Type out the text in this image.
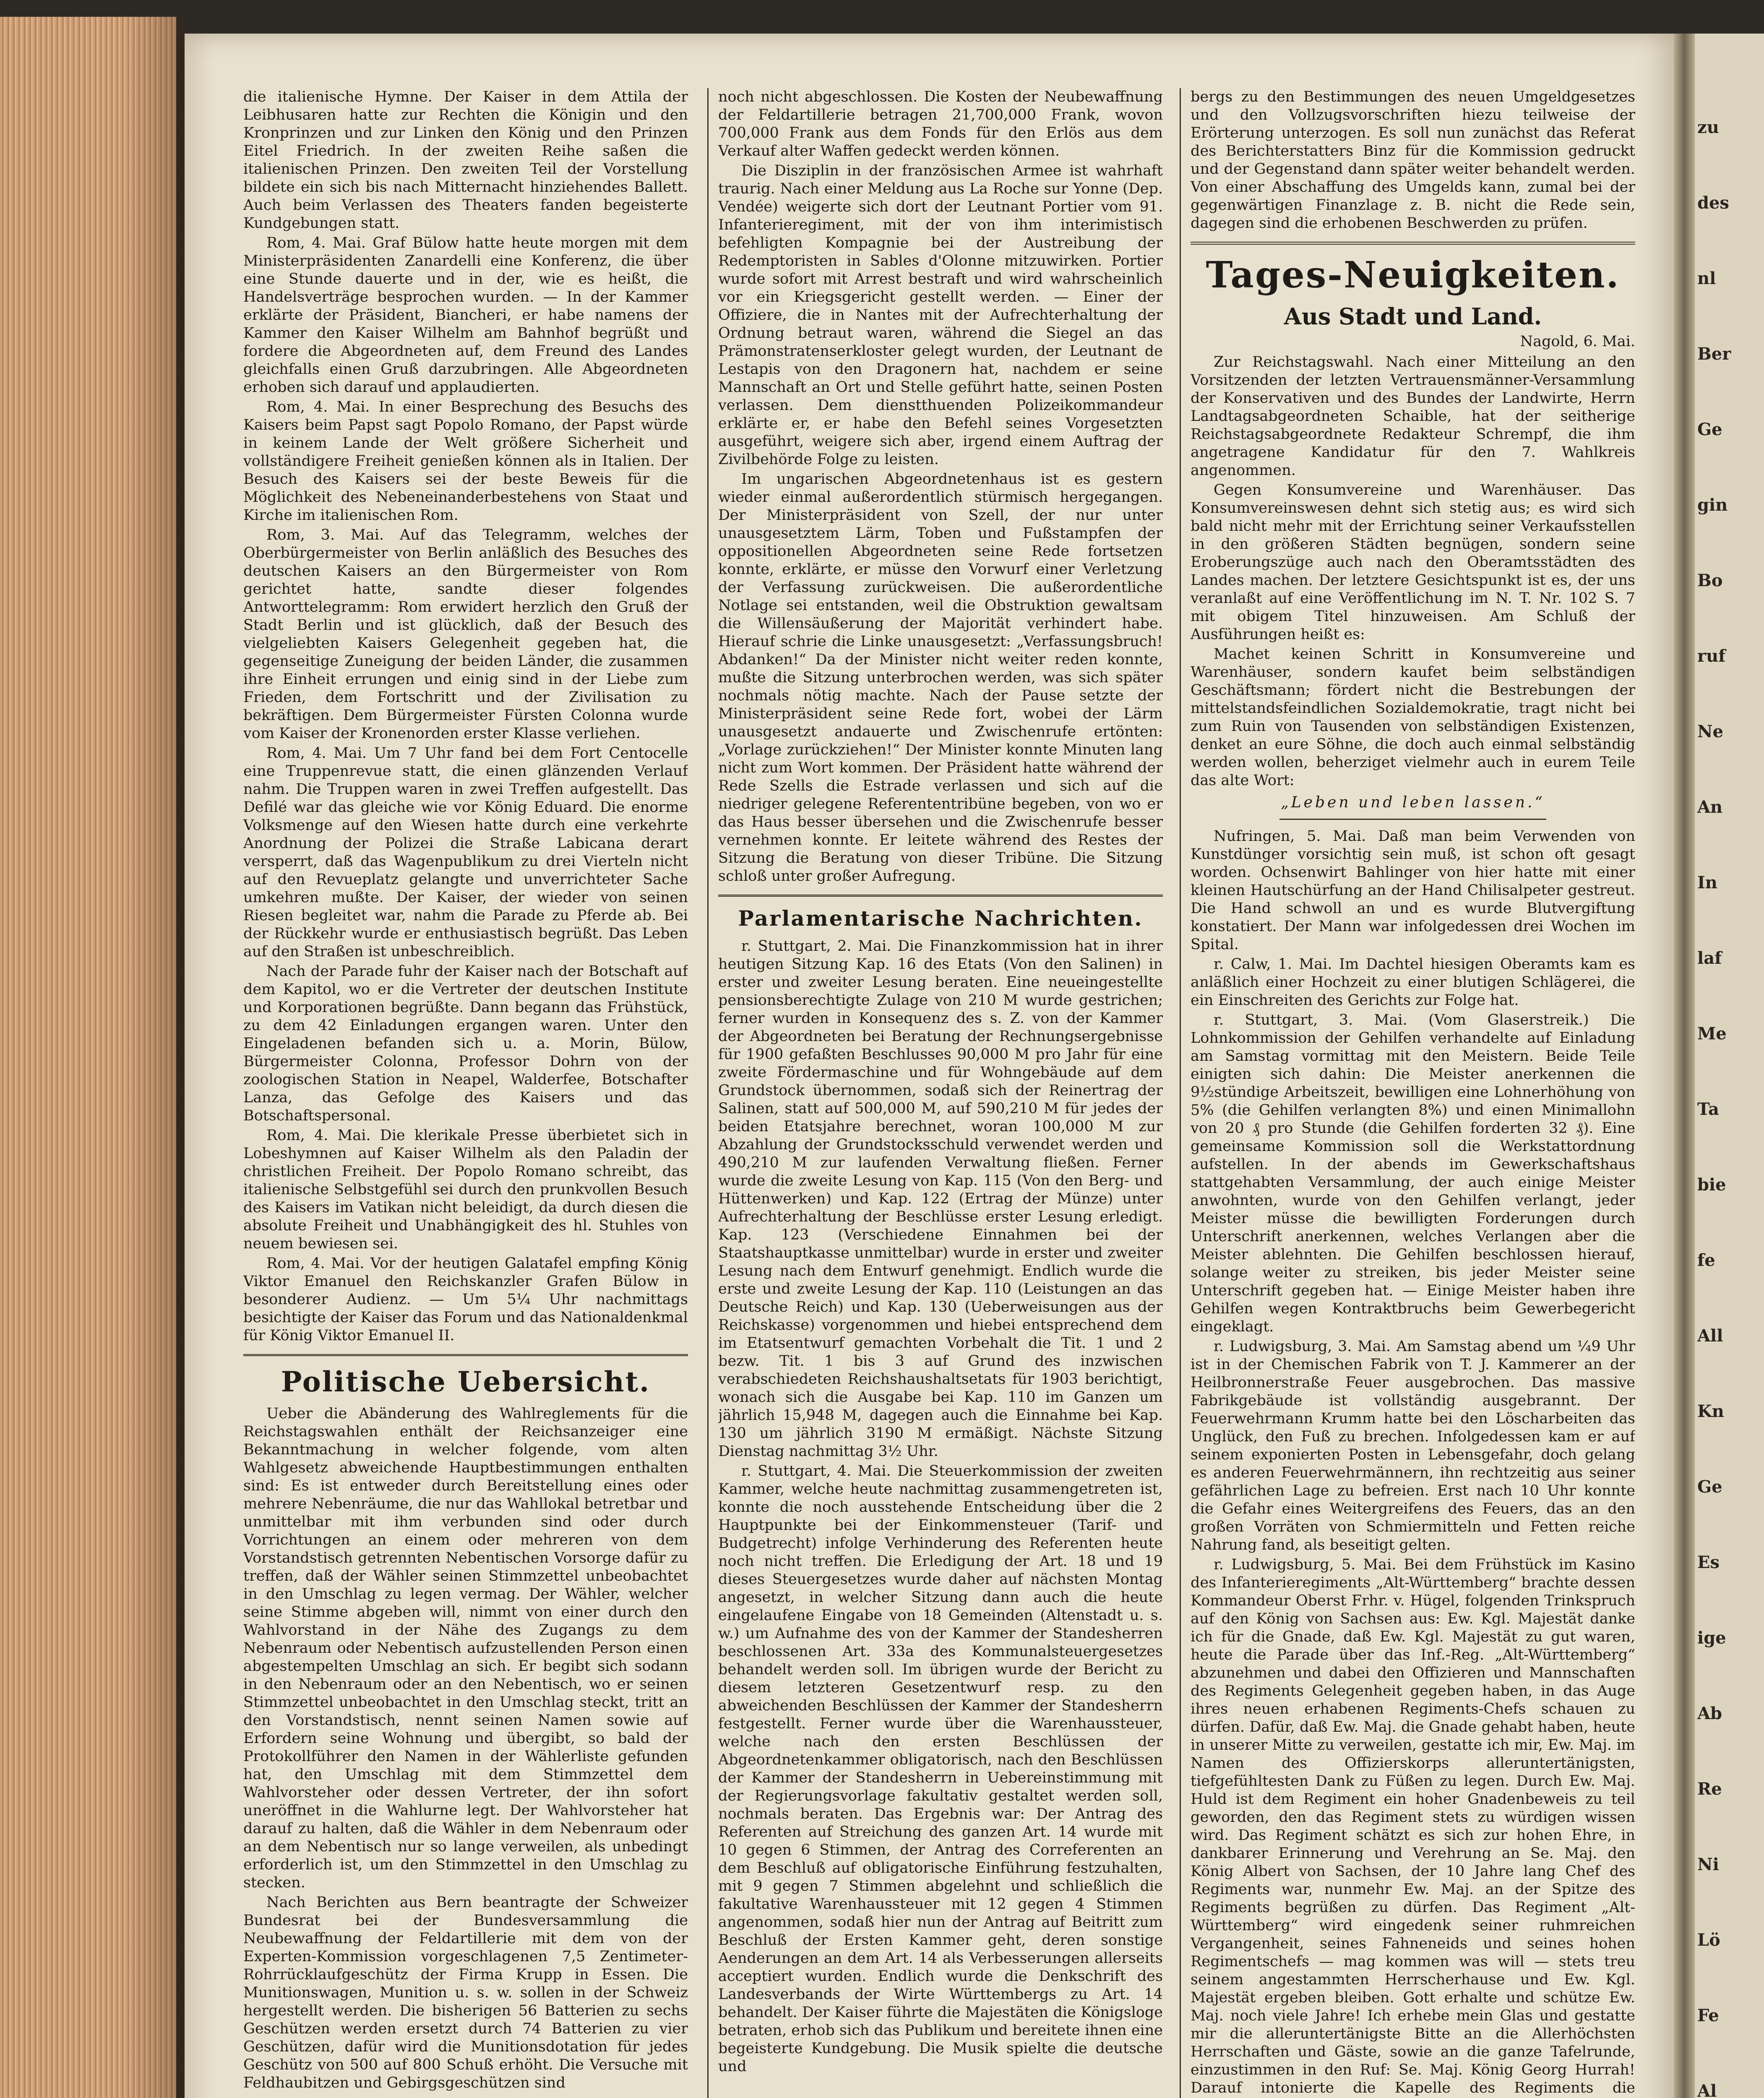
die italienische Hymne. Der Kaiser in dem Attila der Leibhusaren hatte zur Rechten die Königin und den Kronprinzen und zur Linken den König und den Prinzen Eitel Friedrich. In der zweiten Reihe saßen die italienischen Prinzen. Den zweiten Teil der Vorstellung bildete ein sich bis nach Mitternacht hinziehendes Ballett. Auch beim Verlassen des Theaters fanden begeisterte Kundgebungen statt.

Rom, 4. Mai. Graf Bülow hatte heute morgen mit dem Ministerpräsidenten Zanardelli eine Konferenz, die über eine Stunde dauerte und in der, wie es heißt, die Handelsverträge besprochen wurden. — In der Kammer erklärte der Präsident, Biancheri, er habe namens der Kammer den Kaiser Wilhelm am Bahnhof begrüßt und fordere die Abgeordneten auf, dem Freund des Landes gleichfalls einen Gruß darzubringen. Alle Abgeordneten erhoben sich darauf und applaudierten.

Rom, 4. Mai. In einer Besprechung des Besuchs des Kaisers beim Papst sagt Popolo Romano, der Papst würde in keinem Lande der Welt größere Sicherheit und vollständigere Freiheit genießen können als in Italien. Der Besuch des Kaisers sei der beste Beweis für die Möglichkeit des Nebeneinanderbestehens von Staat und Kirche im italienischen Rom.

Rom, 3. Mai. Auf das Telegramm, welches der Oberbürgermeister von Berlin anläßlich des Besuches des deutschen Kaisers an den Bürgermeister von Rom gerichtet hatte, sandte dieser folgendes Antworttelegramm: Rom erwidert herzlich den Gruß der Stadt Berlin und ist glücklich, daß der Besuch des vielgeliebten Kaisers Gelegenheit gegeben hat, die gegenseitige Zuneigung der beiden Länder, die zusammen ihre Einheit errungen und einig sind in der Liebe zum Frieden, dem Fortschritt und der Zivilisation zu bekräftigen. Dem Bürgermeister Fürsten Colonna wurde vom Kaiser der Kronenorden erster Klasse verliehen.

Rom, 4. Mai. Um 7 Uhr fand bei dem Fort Centocelle eine Truppenrevue statt, die einen glänzenden Verlauf nahm. Die Truppen waren in zwei Treffen aufgestellt. Das Defilé war das gleiche wie vor König Eduard. Die enorme Volksmenge auf den Wiesen hatte durch eine verkehrte Anordnung der Polizei die Straße Labicana derart versperrt, daß das Wagenpublikum zu drei Vierteln nicht auf den Revueplatz gelangte und unverrichteter Sache umkehren mußte. Der Kaiser, der wieder von seinen Riesen begleitet war, nahm die Parade zu Pferde ab. Bei der Rückkehr wurde er enthusiastisch begrüßt. Das Leben auf den Straßen ist unbeschreiblich.

Nach der Parade fuhr der Kaiser nach der Botschaft auf dem Kapitol, wo er die Vertreter der deutschen Institute und Korporationen begrüßte. Dann begann das Frühstück, zu dem 42 Einladungen ergangen waren. Unter den Eingeladenen befanden sich u. a. Morin, Bülow, Bürgermeister Colonna, Professor Dohrn von der zoologischen Station in Neapel, Walderfee, Botschafter Lanza, das Gefolge des Kaisers und das Botschaftspersonal.

Rom, 4. Mai. Die klerikale Presse überbietet sich in Lobeshymnen auf Kaiser Wilhelm als den Paladin der christlichen Freiheit. Der Popolo Romano schreibt, das italienische Selbstgefühl sei durch den prunkvollen Besuch des Kaisers im Vatikan nicht beleidigt, da durch diesen die absolute Freiheit und Unabhängigkeit des hl. Stuhles von neuem bewiesen sei.

Rom, 4. Mai. Vor der heutigen Galatafel empfing König Viktor Emanuel den Reichskanzler Grafen Bülow in besonderer Audienz. — Um 5¼ Uhr nachmittags besichtigte der Kaiser das Forum und das Nationaldenkmal für König Viktor Emanuel II.

Politische Uebersicht.

Ueber die Abänderung des Wahlreglements für die Reichstagswahlen enthält der Reichsanzeiger eine Bekanntmachung in welcher folgende, vom alten Wahlgesetz abweichende Hauptbestimmungen enthalten sind: Es ist entweder durch Bereitstellung eines oder mehrere Nebenräume, die nur das Wahllokal betretbar und unmittelbar mit ihm verbunden sind oder durch Vorrichtungen an einem oder mehreren von dem Vorstandstisch getrennten Nebentischen Vorsorge dafür zu treffen, daß der Wähler seinen Stimmzettel unbeobachtet in den Umschlag zu legen vermag. Der Wähler, welcher seine Stimme abgeben will, nimmt von einer durch den Wahlvorstand in der Nähe des Zugangs zu dem Nebenraum oder Nebentisch aufzustellenden Person einen abgestempelten Umschlag an sich. Er begibt sich sodann in den Nebenraum oder an den Nebentisch, wo er seinen Stimmzettel unbeobachtet in den Umschlag steckt, tritt an den Vorstandstisch, nennt seinen Namen sowie auf Erfordern seine Wohnung und übergibt, so bald der Protokollführer den Namen in der Wählerliste gefunden hat, den Umschlag mit dem Stimmzettel dem Wahlvorsteher oder dessen Vertreter, der ihn sofort uneröffnet in die Wahlurne legt. Der Wahlvorsteher hat darauf zu halten, daß die Wähler in dem Nebenraum oder an dem Nebentisch nur so lange verweilen, als unbedingt erforderlich ist, um den Stimmzettel in den Umschlag zu stecken.

Nach Berichten aus Bern beantragte der Schweizer Bundesrat bei der Bundesversammlung die Neubewaffnung der Feldartillerie mit dem von der Experten-Kommission vorgeschlagenen 7,5 Zentimeter-Rohrrücklaufgeschütz der Firma Krupp in Essen. Die Munitionswagen, Munition u. s. w. sollen in der Schweiz hergestellt werden. Die bisherigen 56 Batterien zu sechs Geschützen werden ersetzt durch 74 Batterien zu vier Geschützen, dafür wird die Munitionsdotation für jedes Geschütz von 500 auf 800 Schuß erhöht. Die Versuche mit Feldhaubitzen und Gebirgsgeschützen sind

noch nicht abgeschlossen. Die Kosten der Neubewaffnung der Feldartillerie betragen 21,700,000 Frank, wovon 700,000 Frank aus dem Fonds für den Erlös aus dem Verkauf alter Waffen gedeckt werden können.

Die Disziplin in der französischen Armee ist wahrhaft traurig. Nach einer Meldung aus La Roche sur Yonne (Dep. Vendée) weigerte sich dort der Leutnant Portier vom 91. Infanterieregiment, mit der von ihm interimistisch befehligten Kompagnie bei der Austreibung der Redemptoristen in Sables d'Olonne mitzuwirken. Portier wurde sofort mit Arrest bestraft und wird wahrscheinlich vor ein Kriegsgericht gestellt werden. — Einer der Offiziere, die in Nantes mit der Aufrechterhaltung der Ordnung betraut waren, während die Siegel an das Prämonstratenserkloster gelegt wurden, der Leutnant de Lestapis von den Dragonern hat, nachdem er seine Mannschaft an Ort und Stelle geführt hatte, seinen Posten verlassen. Dem dienstthuenden Polizeikommandeur erklärte er, er habe den Befehl seines Vorgesetzten ausgeführt, weigere sich aber, irgend einem Auftrag der Zivilbehörde Folge zu leisten.

Im ungarischen Abgeordnetenhaus ist es gestern wieder einmal außerordentlich stürmisch hergegangen. Der Ministerpräsident von Szell, der nur unter unausgesetztem Lärm, Toben und Fußstampfen der oppositionellen Abgeordneten seine Rede fortsetzen konnte, erklärte, er müsse den Vorwurf einer Verletzung der Verfassung zurückweisen. Die außerordentliche Notlage sei entstanden, weil die Obstruktion gewaltsam die Willensäußerung der Majorität verhindert habe. Hierauf schrie die Linke unausgesetzt: „Verfassungsbruch! Abdanken!“ Da der Minister nicht weiter reden konnte, mußte die Sitzung unterbrochen werden, was sich später nochmals nötig machte. Nach der Pause setzte der Ministerpräsident seine Rede fort, wobei der Lärm unausgesetzt andauerte und Zwischenrufe ertönten: „Vorlage zurückziehen!“ Der Minister konnte Minuten lang nicht zum Wort kommen. Der Präsident hatte während der Rede Szells die Estrade verlassen und sich auf die niedriger gelegene Referententribüne begeben, von wo er das Haus besser übersehen und die Zwischenrufe besser vernehmen konnte. Er leitete während des Restes der Sitzung die Beratung von dieser Tribüne. Die Sitzung schloß unter großer Aufregung.

Parlamentarische Nachrichten.

r. Stuttgart, 2. Mai. Die Finanzkommission hat in ihrer heutigen Sitzung Kap. 16 des Etats (Von den Salinen) in erster und zweiter Lesung beraten. Eine neueingestellte pensionsberechtigte Zulage von 210 M wurde gestrichen; ferner wurden in Konsequenz des s. Z. von der Kammer der Abgeordneten bei Beratung der Rechnungsergebnisse für 1900 gefaßten Beschlusses 90,000 M pro Jahr für eine zweite Fördermaschine und für Wohngebäude auf dem Grundstock übernommen, sodaß sich der Reinertrag der Salinen, statt auf 500,000 M, auf 590,210 M für jedes der beiden Etatsjahre berechnet, woran 100,000 M zur Abzahlung der Grundstocksschuld verwendet werden und 490,210 M zur laufenden Verwaltung fließen. Ferner wurde die zweite Lesung von Kap. 115 (Von den Berg- und Hüttenwerken) und Kap. 122 (Ertrag der Münze) unter Aufrechterhaltung der Beschlüsse erster Lesung erledigt. Kap. 123 (Verschiedene Einnahmen bei der Staatshauptkasse unmittelbar) wurde in erster und zweiter Lesung nach dem Entwurf genehmigt. Endlich wurde die erste und zweite Lesung der Kap. 110 (Leistungen an das Deutsche Reich) und Kap. 130 (Ueberweisungen aus der Reichskasse) vorgenommen und hiebei entsprechend dem im Etatsentwurf gemachten Vorbehalt die Tit. 1 und 2 bezw. Tit. 1 bis 3 auf Grund des inzwischen verabschiedeten Reichshaushaltsetats für 1903 berichtigt, wonach sich die Ausgabe bei Kap. 110 im Ganzen um jährlich 15,948 M, dagegen auch die Einnahme bei Kap. 130 um jährlich 3190 M ermäßigt. Nächste Sitzung Dienstag nachmittag 3½ Uhr.

r. Stuttgart, 4. Mai. Die Steuerkommission der zweiten Kammer, welche heute nachmittag zusammengetreten ist, konnte die noch ausstehende Entscheidung über die 2 Hauptpunkte bei der Einkommensteuer (Tarif- und Budgetrecht) infolge Verhinderung des Referenten heute noch nicht treffen. Die Erledigung der Art. 18 und 19 dieses Steuergesetzes wurde daher auf nächsten Montag angesetzt, in welcher Sitzung dann auch die heute eingelaufene Eingabe von 18 Gemeinden (Altenstadt u. s. w.) um Aufnahme des von der Kammer der Standesherren beschlossenen Art. 33a des Kommunalsteuergesetzes behandelt werden soll. Im übrigen wurde der Bericht zu diesem letzteren Gesetzentwurf resp. zu den abweichenden Beschlüssen der Kammer der Standesherrn festgestellt. Ferner wurde über die Warenhaussteuer, welche nach den ersten Beschlüssen der Abgeordnetenkammer obligatorisch, nach den Beschlüssen der Kammer der Standesherrn in Uebereinstimmung mit der Regierungsvorlage fakultativ gestaltet werden soll, nochmals beraten. Das Ergebnis war: Der Antrag des Referenten auf Streichung des ganzen Art. 14 wurde mit 10 gegen 6 Stimmen, der Antrag des Correferenten an dem Beschluß auf obligatorische Einführung festzuhalten, mit 9 gegen 7 Stimmen abgelehnt und schließlich die fakultative Warenhaussteuer mit 12 gegen 4 Stimmen angenommen, sodaß hier nun der Antrag auf Beitritt zum Beschluß der Ersten Kammer geht, deren sonstige Aenderungen an dem Art. 14 als Verbesserungen allerseits acceptiert wurden. Endlich wurde die Denkschrift des Landesverbands der Wirte Württembergs zu Art. 14 behandelt. Der Kaiser führte die Majestäten die Königsloge betraten, erhob sich das Publikum und bereitete ihnen eine begeisterte Kundgebung. Die Musik spielte die deutsche und

bergs zu den Bestimmungen des neuen Umgeldgesetzes und den Vollzugsvorschriften hiezu teilweise der Erörterung unterzogen. Es soll nun zunächst das Referat des Berichterstatters Binz für die Kommission gedruckt und der Gegenstand dann später weiter behandelt werden. Von einer Abschaffung des Umgelds kann, zumal bei der gegenwärtigen Finanzlage z. B. nicht die Rede sein, dagegen sind die erhobenen Beschwerden zu prüfen.

Tages-Neuigkeiten.
Aus Stadt und Land.
Nagold, 6. Mai.

Zur Reichstagswahl. Nach einer Mitteilung an den Vorsitzenden der letzten Vertrauensmänner-Versammlung der Konservativen und des Bundes der Landwirte, Herrn Landtagsabgeordneten Schaible, hat der seitherige Reichstagsabgeordnete Redakteur Schrempf, die ihm angetragene Kandidatur für den 7. Wahlkreis angenommen.

Gegen Konsumvereine und Warenhäuser. Das Konsumvereinswesen dehnt sich stetig aus; es wird sich bald nicht mehr mit der Errichtung seiner Verkaufsstellen in den größeren Städten begnügen, sondern seine Eroberungszüge auch nach den Oberamtsstädten des Landes machen. Der letztere Gesichtspunkt ist es, der uns veranlaßt auf eine Veröffentlichung im N. T. Nr. 102 S. 7 mit obigem Titel hinzuweisen. Am Schluß der Ausführungen heißt es:

Machet keinen Schritt in Konsumvereine und Warenhäuser, sondern kaufet beim selbständigen Geschäftsmann; fördert nicht die Bestrebungen der mittelstandsfeindlichen Sozialdemokratie, tragt nicht bei zum Ruin von Tausenden von selbständigen Existenzen, denket an eure Söhne, die doch auch einmal selbständig werden wollen, beherziget vielmehr auch in eurem Teile das alte Wort:

„Leben und leben lassen.“

Nufringen, 5. Mai. Daß man beim Verwenden von Kunstdünger vorsichtig sein muß, ist schon oft gesagt worden. Ochsenwirt Bahlinger von hier hatte mit einer kleinen Hautschürfung an der Hand Chilisalpeter gestreut. Die Hand schwoll an und es wurde Blutvergiftung konstatiert. Der Mann war infolgedessen drei Wochen im Spital.

r. Calw, 1. Mai. Im Dachtel hiesigen Oberamts kam es anläßlich einer Hochzeit zu einer blutigen Schlägerei, die ein Einschreiten des Gerichts zur Folge hat.

r. Stuttgart, 3. Mai. (Vom Glaserstreik.) Die Lohnkommission der Gehilfen verhandelte auf Einladung am Samstag vormittag mit den Meistern. Beide Teile einigten sich dahin: Die Meister anerkennen die 9½stündige Arbeitszeit, bewilligen eine Lohnerhöhung von 5% (die Gehilfen verlangten 8%) und einen Minimallohn von 20 ₰ pro Stunde (die Gehilfen forderten 32 ₰). Eine gemeinsame Kommission soll die Werkstattordnung aufstellen. In der abends im Gewerkschaftshaus stattgehabten Versammlung, der auch einige Meister anwohnten, wurde von den Gehilfen verlangt, jeder Meister müsse die bewilligten Forderungen durch Unterschrift anerkennen, welches Verlangen aber die Meister ablehnten. Die Gehilfen beschlossen hierauf, solange weiter zu streiken, bis jeder Meister seine Unterschrift gegeben hat. — Einige Meister haben ihre Gehilfen wegen Kontraktbruchs beim Gewerbegericht eingeklagt.

r. Ludwigsburg, 3. Mai. Am Samstag abend um ¼9 Uhr ist in der Chemischen Fabrik von T. J. Kammerer an der Heilbronnerstraße Feuer ausgebrochen. Das massive Fabrikgebäude ist vollständig ausgebrannt. Der Feuerwehrmann Krumm hatte bei den Löscharbeiten das Unglück, den Fuß zu brechen. Infolgedessen kam er auf seinem exponierten Posten in Lebensgefahr, doch gelang es anderen Feuerwehrmännern, ihn rechtzeitig aus seiner gefährlichen Lage zu befreien. Erst nach 10 Uhr konnte die Gefahr eines Weitergreifens des Feuers, das an den großen Vorräten von Schmiermitteln und Fetten reiche Nahrung fand, als beseitigt gelten.

r. Ludwigsburg, 5. Mai. Bei dem Frühstück im Kasino des Infanterieregiments „Alt-Württemberg“ brachte dessen Kommandeur Oberst Frhr. v. Hügel, folgenden Trinkspruch auf den König von Sachsen aus: Ew. Kgl. Majestät danke ich für die Gnade, daß Ew. Kgl. Majestät zu gut waren, heute die Parade über das Inf.-Reg. „Alt-Württemberg“ abzunehmen und dabei den Offizieren und Mannschaften des Regiments Gelegenheit gegeben haben, in das Auge ihres neuen erhabenen Regiments-Chefs schauen zu dürfen. Dafür, daß Ew. Maj. die Gnade gehabt haben, heute in unserer Mitte zu verweilen, gestatte ich mir, Ew. Maj. im Namen des Offizierskorps alleruntertänigsten, tiefgefühltesten Dank zu Füßen zu legen. Durch Ew. Maj. Huld ist dem Regiment ein hoher Gnadenbeweis zu teil geworden, den das Regiment stets zu würdigen wissen wird. Das Regiment schätzt es sich zur hohen Ehre, in dankbarer Erinnerung und Verehrung an Se. Maj. den König Albert von Sachsen, der 10 Jahre lang Chef des Regiments war, nunmehr Ew. Maj. an der Spitze des Regiments begrüßen zu dürfen. Das Regiment „Alt-Württemberg“ wird eingedenk seiner ruhmreichen Vergangenheit, seines Fahneneids und seines hohen Regimentschefs — mag kommen was will — stets treu seinem angestammten Herrscherhause und Ew. Kgl. Majestät ergeben bleiben. Gott erhalte und schütze Ew. Maj. noch viele Jahre! Ich erhebe mein Glas und gestatte mir die alleruntertänigste Bitte an die Allerhöchsten Herrschaften und Gäste, sowie an die ganze Tafelrunde, einzustimmen in den Ruf: Se. Maj. König Georg Hurrah! Darauf intonierte die Kapelle des Regiments die

zu
des
nl
Ber
Ge
gin
Bo
ruf
Ne
An
In
laf
Me
Ta
bie
fe
All
Kn
Ge
Es
ige
Ab
Re
Ni
Lö
Fe
Al
